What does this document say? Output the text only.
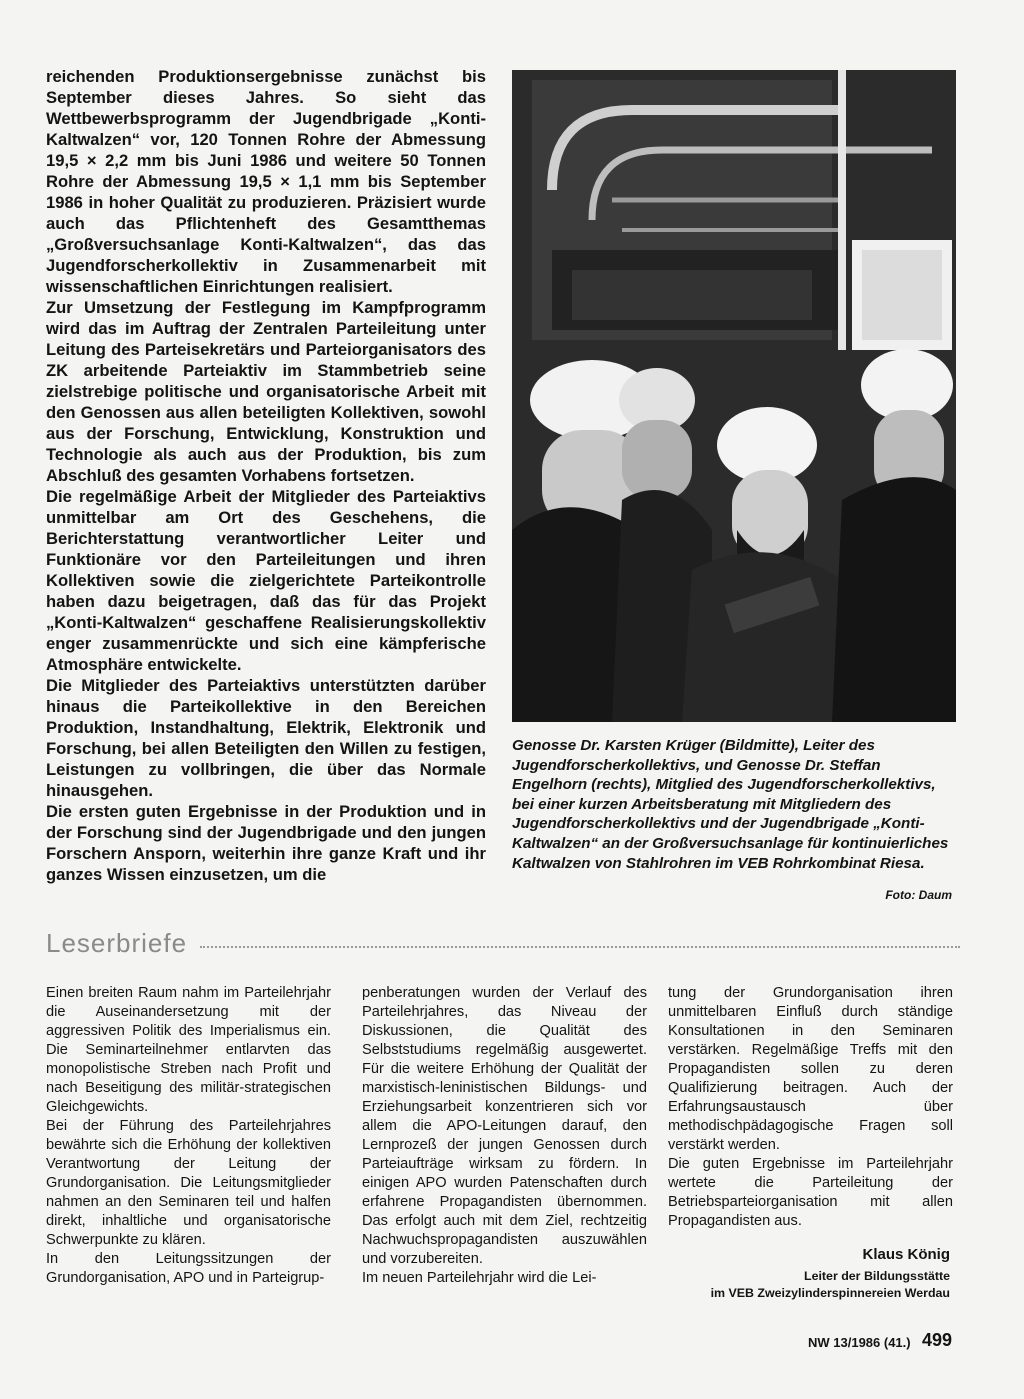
reichenden Produktionsergebnisse zunächst bis September dieses Jahres. So sieht das Wettbewerbsprogramm der Jugendbrigade „Konti-Kaltwalzen“ vor, 120 Tonnen Rohre der Abmessung 19,5 × 2,2 mm bis Juni 1986 und weitere 50 Tonnen Rohre der Abmessung 19,5 × 1,1 mm bis September 1986 in hoher Qualität zu produzieren. Präzisiert wurde auch das Pflichtenheft des Gesamtthemas „Großversuchsanlage Konti-Kaltwalzen“, das das Jugendforscherkollektiv in Zusammenarbeit mit wissenschaftlichen Einrichtungen realisiert.

Zur Umsetzung der Festlegung im Kampfprogramm wird das im Auftrag der Zentralen Parteileitung unter Leitung des Parteisekretärs und Parteiorganisators des ZK arbeitende Parteiaktiv im Stammbetrieb seine zielstrebige politische und organisatorische Arbeit mit den Genossen aus allen beteiligten Kollektiven, sowohl aus der Forschung, Entwicklung, Konstruktion und Technologie als auch aus der Produktion, bis zum Abschluß des gesamten Vorhabens fortsetzen.

Die regelmäßige Arbeit der Mitglieder des Parteiaktivs unmittelbar am Ort des Geschehens, die Berichterstattung verantwortlicher Leiter und Funktionäre vor den Parteileitungen und ihren Kollektiven sowie die zielgerichtete Parteikontrolle haben dazu beigetragen, daß das für das Projekt „Konti-Kaltwalzen“ geschaffene Realisierungskollektiv enger zusammenrückte und sich eine kämpferische Atmosphäre entwickelte.

Die Mitglieder des Parteiaktivs unterstützten darüber hinaus die Parteikollektive in den Bereichen Produktion, Instandhaltung, Elektrik, Elektronik und Forschung, bei allen Beteiligten den Willen zu festigen, Leistungen zu vollbringen, die über das Normale hinausgehen.

Die ersten guten Ergebnisse in der Produktion und in der Forschung sind der Jugendbrigade und den jungen Forschern Ansporn, weiterhin ihre ganze Kraft und ihr ganzes Wissen einzusetzen, um die

Genosse Dr. Karsten Krüger (Bildmitte), Leiter des Jugendforscherkollektivs, und Genosse Dr. Steffan Engelhorn (rechts), Mitglied des Jugendforscherkollektivs, bei einer kurzen Arbeitsberatung mit Mitgliedern des Jugendforscherkollektivs und der Jugendbrigade „Konti-Kaltwalzen“ an der Großversuchsanlage für kontinuierliches Kaltwalzen von Stahlrohren im VEB Rohrkombinat Riesa.
Foto: Daum
Leserbriefe

Einen breiten Raum nahm im Parteilehrjahr die Auseinandersetzung mit der aggressiven Politik des Imperialismus ein. Die Seminarteilnehmer entlarvten das monopolistische Streben nach Profit und nach Beseitigung des militär-strategischen Gleichgewichts.

Bei der Führung des Parteilehrjahres bewährte sich die Erhöhung der kollektiven Verantwortung der Leitung der Grundorganisation. Die Leitungsmitglieder nahmen an den Seminaren teil und halfen direkt, inhaltliche und organisatorische Schwerpunkte zu klären.

In den Leitungssitzungen der Grundorganisation, APO und in Parteigrup-

penberatungen wurden der Verlauf des Parteilehrjahres, das Niveau der Diskussionen, die Qualität des Selbststudiums regelmäßig ausgewertet. Für die weitere Erhöhung der Qualität der marxistisch-leninistischen Bildungs- und Erziehungsarbeit konzentrieren sich vor allem die APO-Leitungen darauf, den Lernprozeß der jungen Genossen durch Parteiaufträge wirksam zu fördern. In einigen APO wurden Patenschaften durch erfahrene Propagandisten übernommen. Das erfolgt auch mit dem Ziel, rechtzeitig Nachwuchspropagandisten auszuwählen und vorzubereiten.

Im neuen Parteilehrjahr wird die Lei-

tung der Grundorganisation ihren unmittelbaren Einfluß durch ständige Konsultationen in den Seminaren verstärken. Regelmäßige Treffs mit den Propagandisten sollen zu deren Qualifizierung beitragen. Auch der Erfahrungsaustausch über methodischpädagogische Fragen soll verstärkt werden.

Die guten Ergebnisse im Parteilehrjahr wertete die Parteileitung der Betriebsparteiorganisation mit allen Propagandisten aus.

Klaus König
Leiter der Bildungsstätte
im VEB Zweizylinderspinnereien Werdau
NW 13/1986 (41.) 499
